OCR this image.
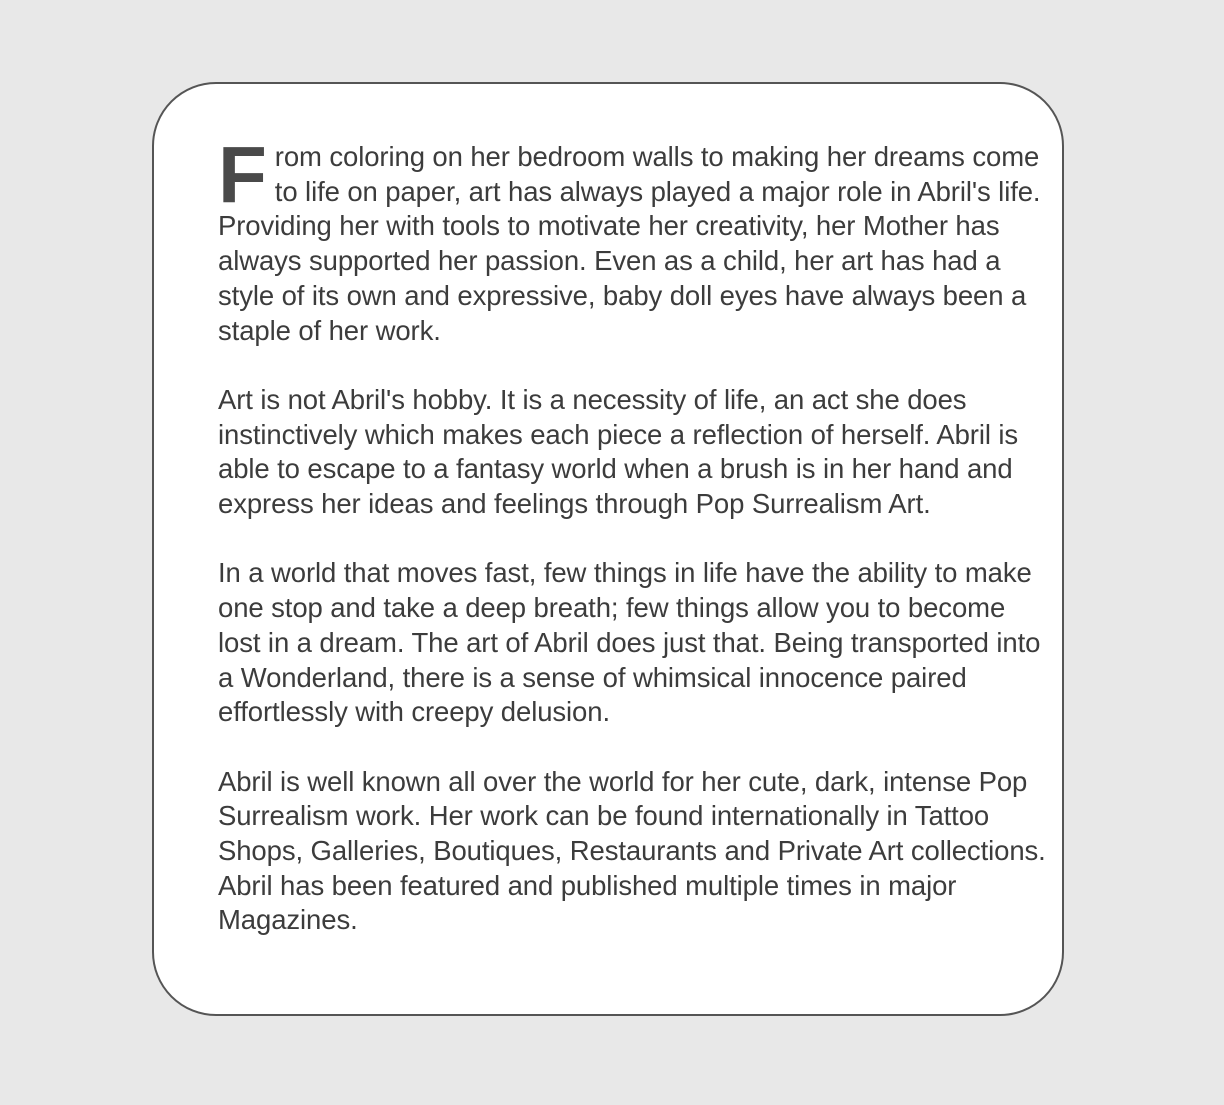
From coloring on her bedroom walls to making her dreams come to life on paper, art has always played a major role in Abril's life. Providing her with tools to motivate her creativity, her Mother has always supported her passion. Even as a child, her art has had a style of its own and expressive, baby doll eyes have always been a staple of her work.

Art is not Abril's hobby. It is a necessity of life, an act she does instinctively which makes each piece a reflection of herself. Abril is able to escape to a fantasy world when a brush is in her hand and express her ideas and feelings through Pop Surrealism Art.

In a world that moves fast, few things in life have the ability to make one stop and take a deep breath; few things allow you to become lost in a dream. The art of Abril does just that. Being transported into a Wonderland, there is a sense of whimsical innocence paired effortlessly with creepy delusion.

Abril is well known all over the world for her cute, dark, intense Pop Surrealism work. Her work can be found internationally in Tattoo Shops, Galleries, Boutiques, Restaurants and Private Art collections. Abril has been featured and published multiple times in major Magazines.
